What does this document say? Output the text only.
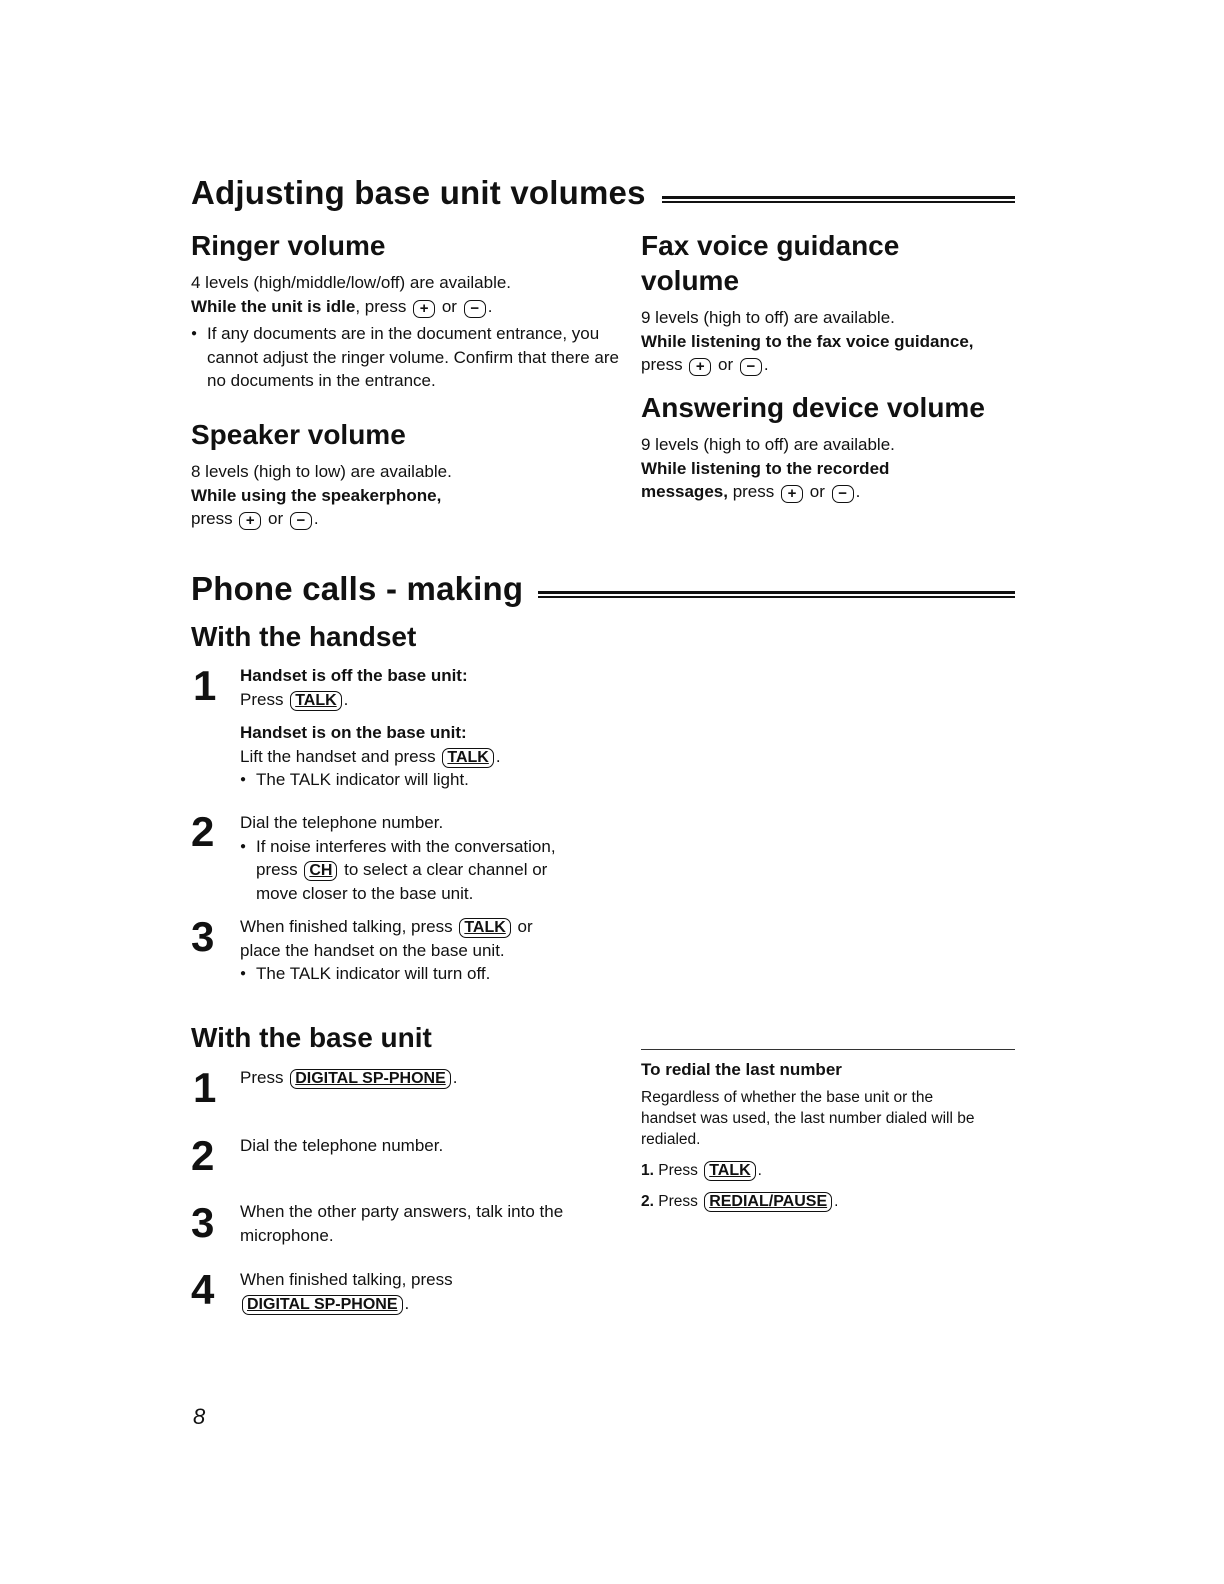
Adjusting base unit volumes
Ringer volume
4 levels (high/middle/low/off) are available.
While the unit is idle, press + or − .
● If any documents are in the document entrance, you cannot adjust the ringer volume. Confirm that there are no documents in the entrance.
Speaker volume
8 levels (high to low) are available.
While using the speakerphone,
press + or − .
Fax voice guidance
volume
9 levels (high to off) are available.
While listening to the fax voice guidance,
press + or − .
Answering device volume
9 levels (high to off) are available.
While listening to the recorded
messages, press + or − .
Phone calls - making
With the handset
1	Handset is off the base unit:
Press TALK .
Handset is on the base unit:
Lift the handset and press TALK .
● The TALK indicator will light.
2	Dial the telephone number.
● If noise interferes with the conversation,
press CH to select a clear channel or
move closer to the base unit.
3	When finished talking, press TALK or
place the handset on the base unit.
● The TALK indicator will turn off.
With the base unit
1	Press DIGITAL SP-PHONE .
2	Dial the telephone number.
3	When the other party answers, talk into the
microphone.
4	When finished talking, press
DIGITAL SP-PHONE .
To redial the last number
Regardless of whether the base unit or the
handset was used, the last number dialed will be
redialed.
1. Press TALK .
2. Press REDIAL/PAUSE .
8
